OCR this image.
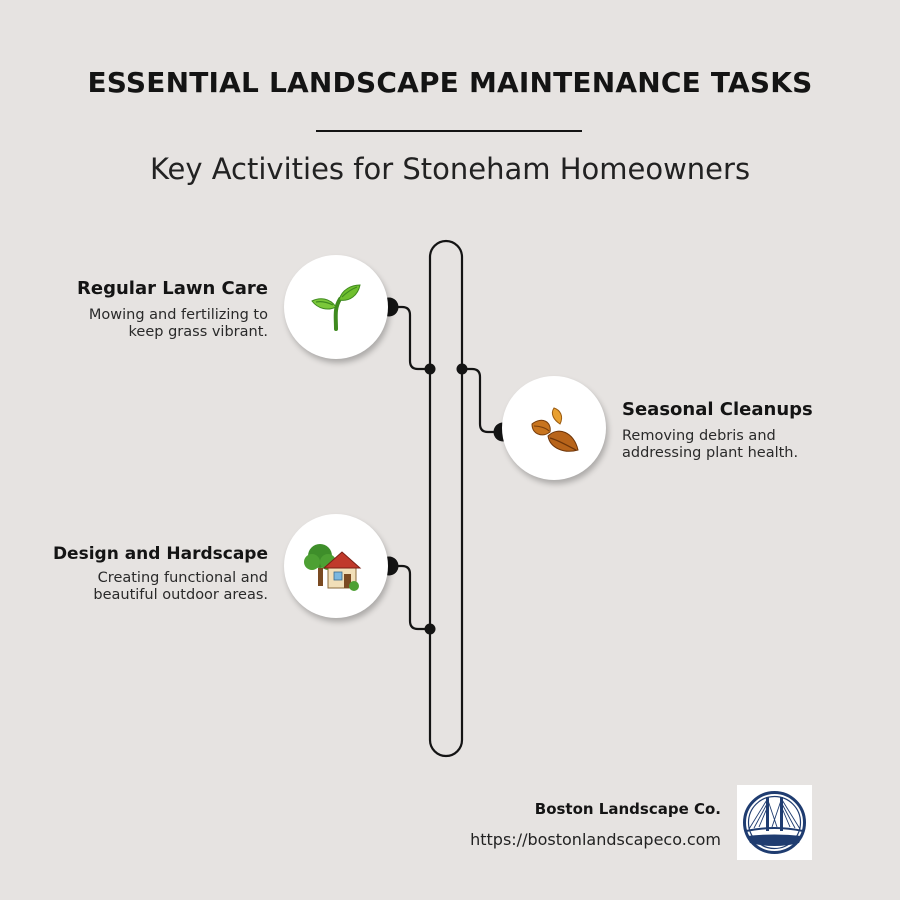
ESSENTIAL LANDSCAPE MAINTENANCE TASKS
Key Activities for Stoneham Homeowners
Regular Lawn Care
Mowing and fertilizing to
keep grass vibrant.
Seasonal Cleanups
Removing debris and
addressing plant health.
Design and Hardscape
Creating functional and
beautiful outdoor areas.
Boston Landscape Co.
https://bostonlandscapeco.com
